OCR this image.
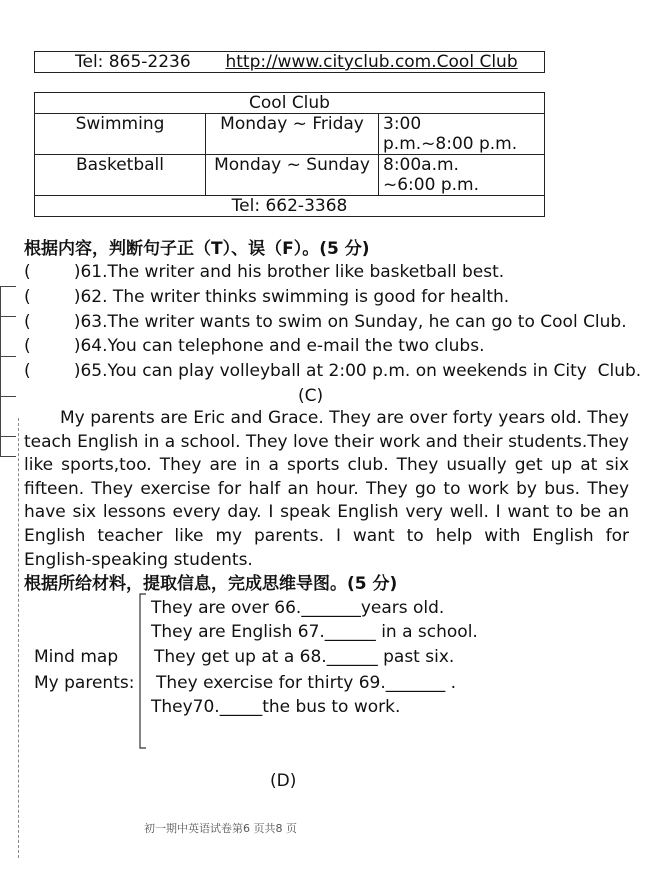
Tel: 865-2236 http://www.cityclub.com.Cool Club
Cool Club		
Swimming	Monday ~ Friday	3:00        p.m.~8:00 p.m.
Basketball	Monday ~ Sunday	8:00a.m.        ~6:00 p.m.
Tel: 662-3368		
根据内容，判断句子正（T）、误（F）。(5 分)
(        )61.The writer and his brother like basketball best.
(        )62. The writer thinks swimming is good for health.
(        )63.The writer wants to swim on Sunday, he can go to Cool Club.
(        )64.You can telephone and e-mail the two clubs.
(        )65.You can play volleyball at 2:00 p.m. on weekends in City  Club.
(C)
My parents are Eric and Grace. They are over forty years old. They
teach English in a school. They love their work and their students.They
like sports,too. They are in a sports club. They usually get up at six
fifteen. They exercise for half an hour. They go to work by bus. They
have six lessons every day. I speak English very well. I want to be an
English teacher like my parents. I want to help with English for
English-speaking students.
根据所给材料，提取信息，完成思维导图。(5 分)
Mind map
My parents:
They are over 66._______years old.
They are English 67.______ in a school.
They get up at a 68.______ past six.
They exercise for thirty 69._______ .
They70._____the bus to work.
(D)
初一期中英语试卷第6 页共8 页
